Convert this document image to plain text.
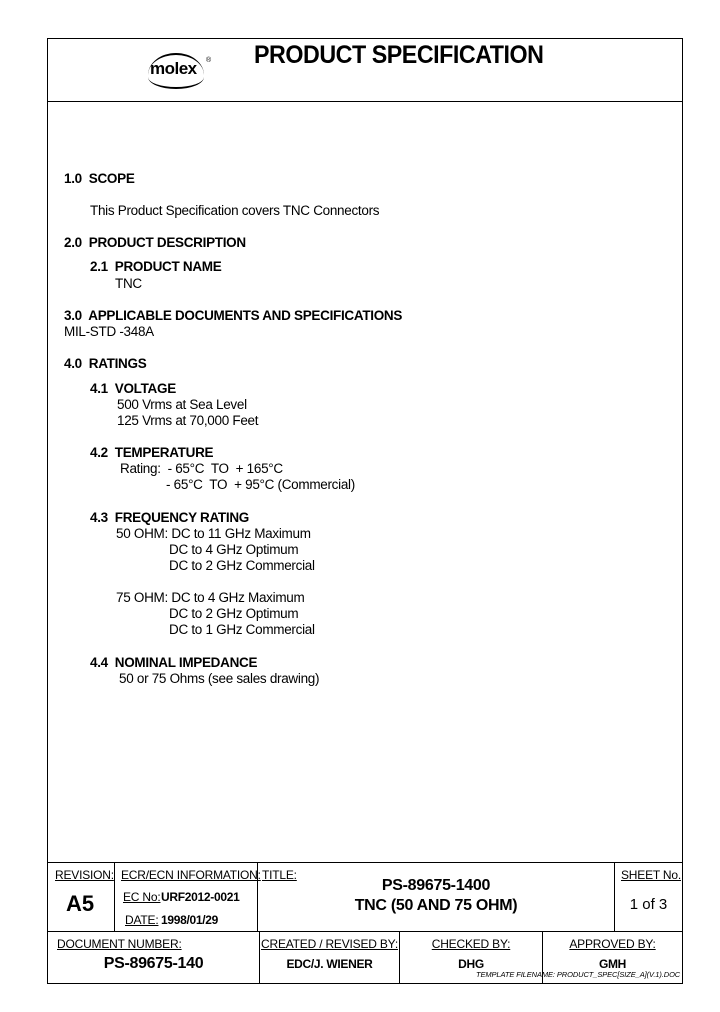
molex ® PRODUCT SPECIFICATION
1.0  SCOPE
This Product Specification covers TNC Connectors
2.0  PRODUCT DESCRIPTION
2.1  PRODUCT NAME
TNC
3.0  APPLICABLE DOCUMENTS AND SPECIFICATIONS
MIL-STD -348A
4.0  RATINGS
4.1  VOLTAGE
500 Vrms at Sea Level
125 Vrms at 70,000 Feet
4.2  TEMPERATURE
Rating:  - 65°C  TO  + 165°C
- 65°C  TO  + 95°C (Commercial)
4.3  FREQUENCY RATING
50 OHM: DC to 11 GHz Maximum
DC to 4 GHz Optimum
DC to 2 GHz Commercial
75 OHM: DC to 4 GHz Maximum
DC to 2 GHz Optimum
DC to 1 GHz Commercial
4.4  NOMINAL IMPEDANCE
50 or 75 Ohms (see sales drawing)
REVISION:
A5
ECR/ECN INFORMATION:
EC No: URF2012-0021
DATE: 1998/01/29
TITLE:
PS-89675-1400
TNC (50 AND 75 OHM)
SHEET No.
1 of 3
DOCUMENT NUMBER:
PS-89675-140
CREATED / REVISED BY:
EDC/J. WIENER
CHECKED BY:
DHG
APPROVED BY:
GMH
TEMPLATE FILENAME: PRODUCT_SPEC[SIZE_A](V.1).DOC
